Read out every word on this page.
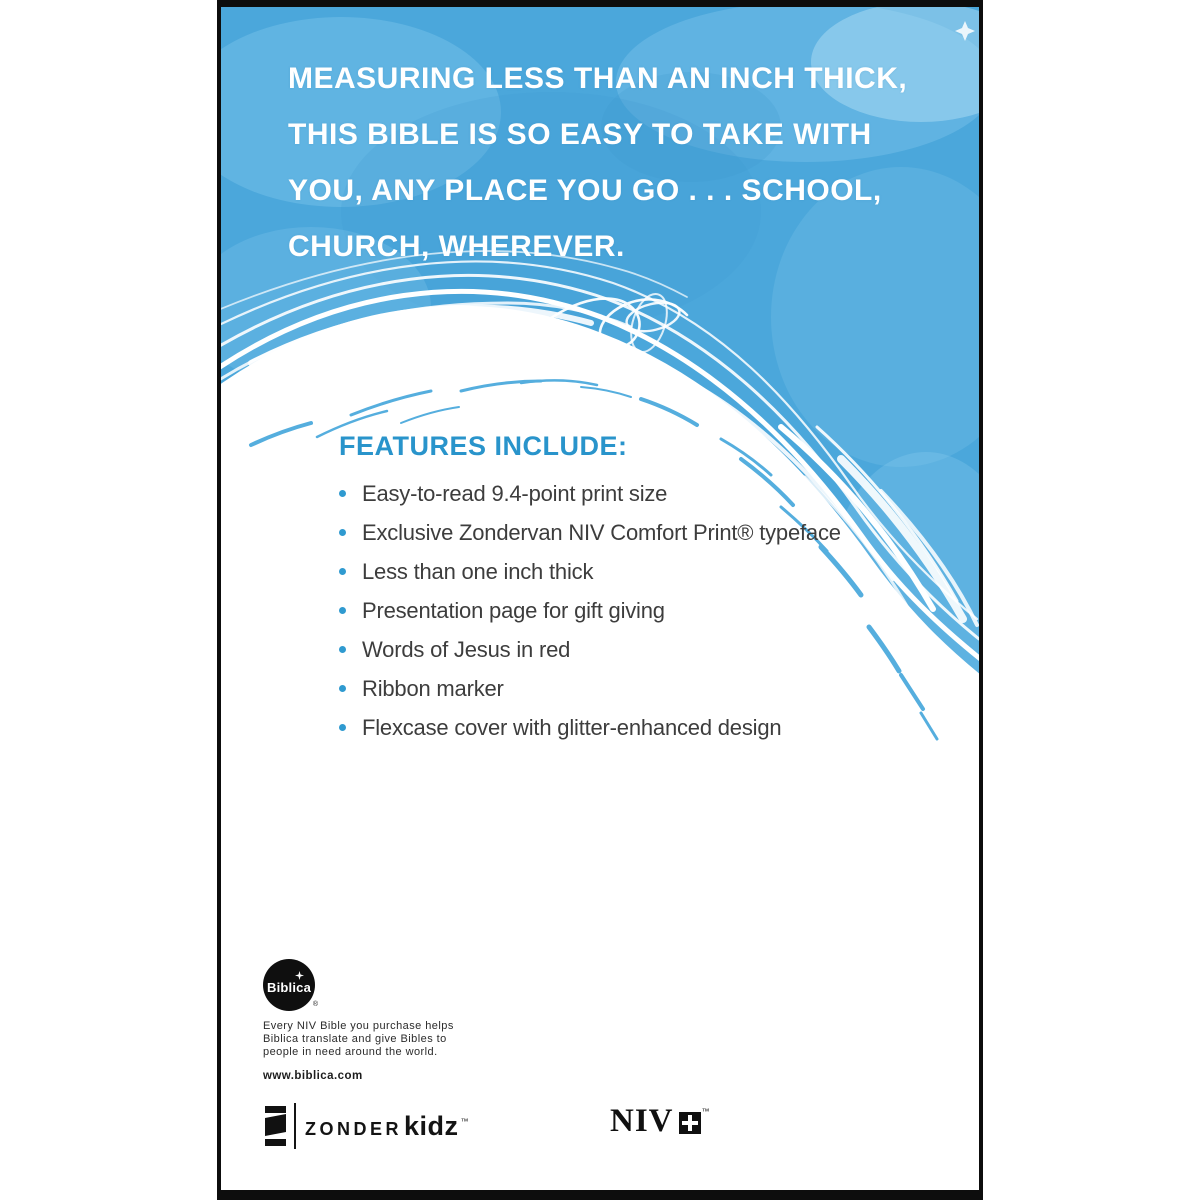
MEASURING LESS THAN AN INCH THICK,
THIS BIBLE IS SO EASY TO TAKE WITH
YOU, ANY PLACE YOU GO . . . SCHOOL,
CHURCH, WHEREVER.
FEATURES INCLUDE:
Easy-to-read 9.4-point print size
Exclusive Zondervan NIV Comfort Print® typeface
Less than one inch thick
Presentation page for gift giving
Words of Jesus in red
Ribbon marker
Flexcase cover with glitter-enhanced design
Biblica
®
Every NIV Bible you purchase helps
Biblica translate and give Bibles to
people in need around the world.
www.biblica.com
ZONDER kidz ™	NIV	™
